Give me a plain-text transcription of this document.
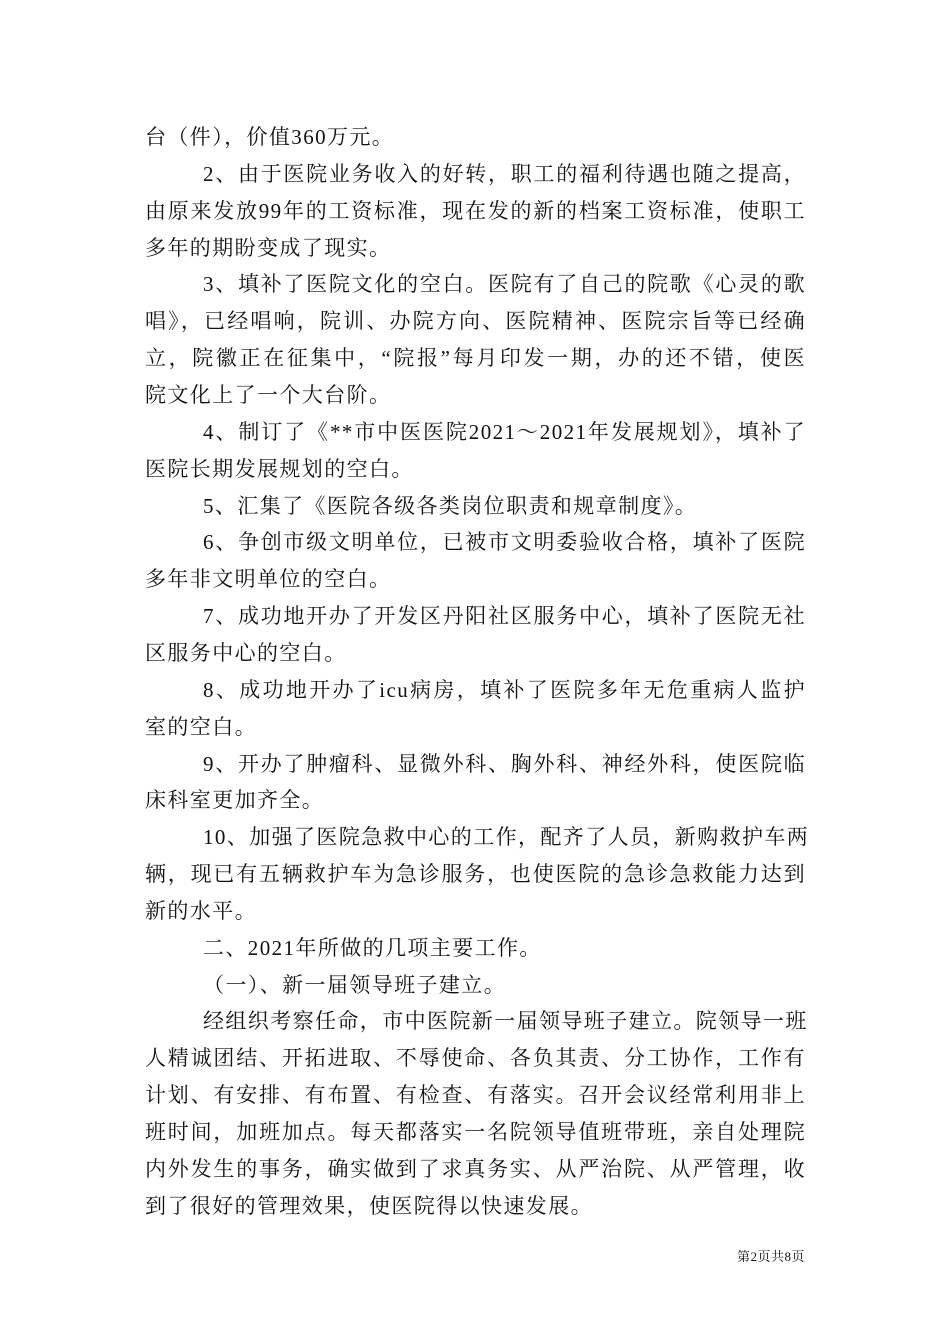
台（件），价值360万元。
2、由于医院业务收入的好转，职工的福利待遇也随之提高，
由原来发放99年的工资标准，现在发的新的档案工资标准，使职工
多年的期盼变成了现实。
3、填补了医院文化的空白。医院有了自己的院歌《心灵的歌
唱》，已经唱响，院训、办院方向、医院精神、医院宗旨等已经确
立，院徽正在征集中，“院报”每月印发一期，办的还不错，使医
院文化上了一个大台阶。
4、制订了《**市中医医院2021～2021年发展规划》，填补了
医院长期发展规划的空白。
5、汇集了《医院各级各类岗位职责和规章制度》。
6、争创市级文明单位，已被市文明委验收合格，填补了医院
多年非文明单位的空白。
7、成功地开办了开发区丹阳社区服务中心，填补了医院无社
区服务中心的空白。
8、成功地开办了icu病房，填补了医院多年无危重病人监护
室的空白。
9、开办了肿瘤科、显微外科、胸外科、神经外科，使医院临
床科室更加齐全。
10、加强了医院急救中心的工作，配齐了人员，新购救护车两
辆，现已有五辆救护车为急诊服务，也使医院的急诊急救能力达到
新的水平。
二、2021年所做的几项主要工作。
（一）、新一届领导班子建立。
经组织考察任命，市中医院新一届领导班子建立。院领导一班
人精诚团结、开拓进取、不辱使命、各负其责、分工协作，工作有
计划、有安排、有布置、有检查、有落实。召开会议经常利用非上
班时间，加班加点。每天都落实一名院领导值班带班，亲自处理院
内外发生的事务，确实做到了求真务实、从严治院、从严管理，收
到了很好的管理效果，使医院得以快速发展。
第2页共8页
